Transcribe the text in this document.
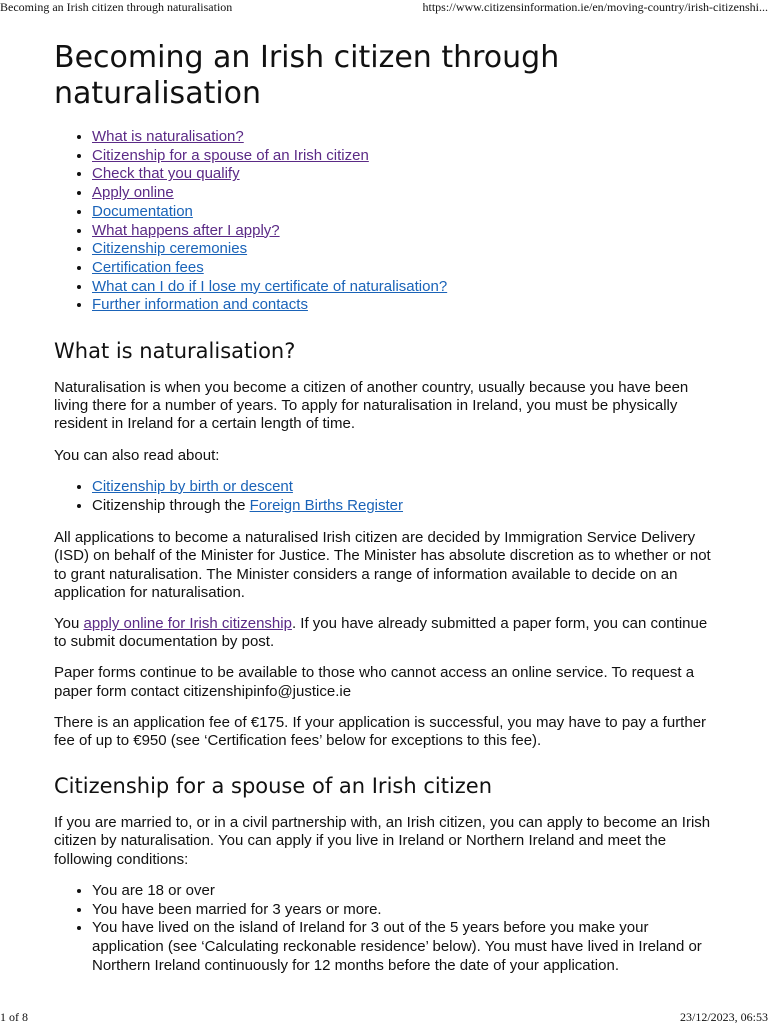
Becoming an Irish citizen through naturalisation	https://www.citizensinformation.ie/en/moving-country/irish-citizenshi...
Becoming an Irish citizen through
naturalisation
• What is naturalisation?
• Citizenship for a spouse of an Irish citizen
• Check that you qualify
• Apply online
• Documentation
• What happens after I apply?
• Citizenship ceremonies
• Certification fees
• What can I do if I lose my certificate of naturalisation?
• Further information and contacts
What is naturalisation?

Naturalisation is when you become a citizen of another country, usually because you have been living there for a number of years. To apply for naturalisation in Ireland, you must be physically resident in Ireland for a certain length of time.

You can also read about:

• Citizenship by birth or descent
• Citizenship through the Foreign Births Register

All applications to become a naturalised Irish citizen are decided by Immigration Service Delivery (ISD) on behalf of the Minister for Justice. The Minister has absolute discretion as to whether or not to grant naturalisation. The Minister considers a range of information available to decide on an application for naturalisation.

You apply online for Irish citizenship. If you have already submitted a paper form, you can continue to submit documentation by post.

Paper forms continue to be available to those who cannot access an online service. To request a paper form contact citizenshipinfo@justice.ie

There is an application fee of €175. If your application is successful, you may have to pay a further fee of up to €950 (see ‘Certification fees’ below for exceptions to this fee).

Citizenship for a spouse of an Irish citizen

If you are married to, or in a civil partnership with, an Irish citizen, you can apply to become an Irish citizen by naturalisation. You can apply if you live in Ireland or Northern Ireland and meet the following conditions:

• You are 18 or over
• You have been married for 3 years or more.
• You have lived on the island of Ireland for 3 out of the 5 years before you make your application (see ‘Calculating reckonable residence’ below). You must have lived in Ireland or Northern Ireland continuously for 12 months before the date of your application.
1 of 8	23/12/2023, 06:53
